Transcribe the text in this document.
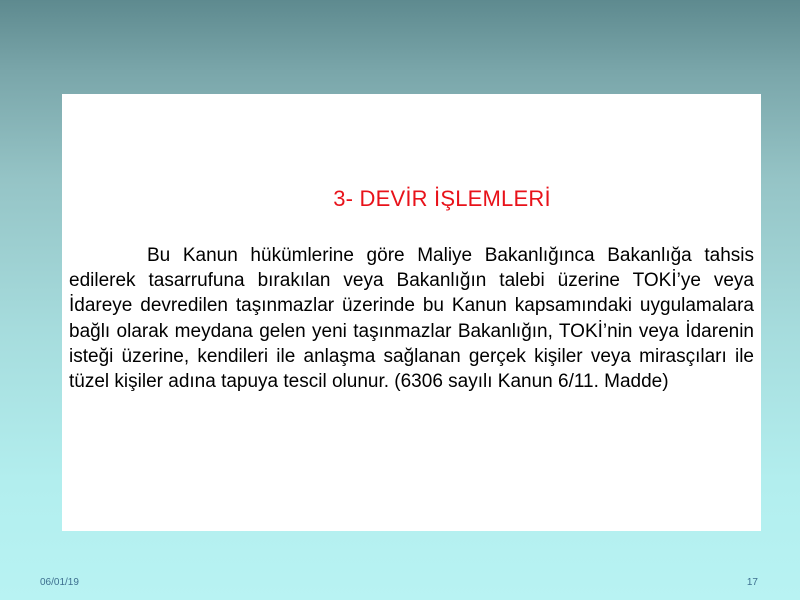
3- DEVİR İŞLEMLERİ
Bu Kanun hükümlerine göre Maliye Bakanlığınca Bakanlığa tahsis edilerek tasarrufuna bırakılan veya Bakanlığın talebi üzerine TOKİ’ye veya İdareye devredilen taşınmazlar üzerinde bu Kanun kapsamındaki uygulamalara bağlı olarak meydana gelen yeni taşınmazlar Bakanlığın, TOKİ’nin veya İdarenin isteği üzerine, kendileri ile anlaşma sağlanan gerçek kişiler veya mirasçıları ile tüzel kişiler adına tapuya tescil olunur. (6306 sayılı Kanun 6/11. Madde)
06/01/19	17
